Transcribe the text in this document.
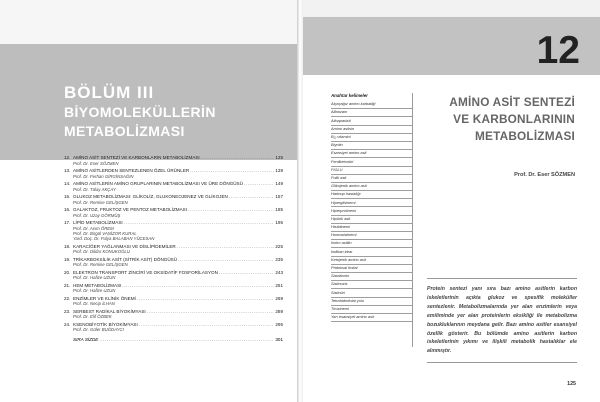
BÖLÜM III
BİYOMOLEKÜLLERİN
METABOLİZMASI
12. AMİNO ASİT SENTEZİ VE KARBONLARIN METABOLİZMASI .....	125
Prof. Dr. Eser SÖZMEN
13. AMİNO ASİTLERDEN SENTEZLENEN ÖZEL ÜRÜNLER .....	139
Prof. Dr. Ferhan GİRGİNSAĞIN
14. AMİNO ASİTLERİN AMİNO GRUPLARININ METABOLİZMASI VE ÜRE DÖNGÜSÜ .....	149
Prof. Dr. Tülay AKÇAY
15. GLUKOZ METABOLİZMASI: GLİKOLİZ, GLUKONEOJENEZ VE GLİKOJEN .....	157
Prof. Dr. Remise GELİŞGEN
16. GALAKTOZ, FRUKTOZ VE PENTOZ METABOLİZMASI .....	185
Prof. Dr. Uzay GÖRMÜŞ
17. LİPİD METABOLİZMASI .....	195
Prof. Dr. Asım ÖREM
Prof. Dr. Birgül VANİZOR KURAL
Yard. Doç. Dr. Fulya BALABAN YÜCESAN
18. KARACİĞER YAĞLANMASI VE DİSLİPİDEMİLER .....	225
Prof. Dr. Dildar KONUKOĞLU
19. TRİKARBOKSİLİK ASİT (SİTRİK ASİT) DÖNGÜSÜ .....	235
Prof. Dr. Remise GELİŞGEN
20. ELEKTRON TRANSPORT ZİNCİRİ VE OKSİDATİF FOSFORİLASYON .....	243
Prof. Dr. Hafize UZUN
21. HEM METABOLİZMASI .....	251
Prof. Dr. Hafize UZUN
22. ENZİMLER VE KLİNİK ÖNEMİ .....	269
Prof. Dr. Necip İLHAN
23. SERBEST RADİKAL BİYOKİMYASI .....	289
Prof. Dr. Elif ÖZBEK
24. KSENOBİYOTİK BİYOKİMYASI .....	295
Prof. Dr. Güler BUĞDAYCI
SIRA SİZDE .....	301
12
Anahtar kelimeler
Alçaçağız amino karbatiği
Alfaozam
Alloapasisti
Amino asitsin
B₁₂ vitamini
Biyotin
Esansiyel amino asit
Fenilketonüri
FIGLU
Folik asit
Glikojenik amino asit
Hartnup hastalığı
Hiperglisinemi
Hiperprolinemi
Hipürik asit
Histidinemi
Homosistinemi
İmino asitlin
İndikan idrar
Ketojenik amino asit
Pridoksal fosfat
Sistationin
Sistinozis
Sistinüri
Tetrahidrofolat yolu
Tirozinemi
Yarı esansiyel amino asit
AMİNO ASİT SENTEZİ
VE KARBONLARININ
METABOLİZMASI
Prof. Dr. Eser SÖZMEN

Protein sentezi yanı sıra bazı amino asitlerin karbon iskeletlerinin açıkta glukoz ve spesifik moleküller sentezlenir. Metabolizmalarında yer alan enzimlerin veya emiliminde yer alan proteinlerin eksikliği ile metabolizma bozukluklarının meydana gelir. Bazı amino asitler esansiyel özellik gösterir. Bu bölümde amino asitlerin karbon iskeletlerinin yıkımı ve ilişkili metabolik hastalıklar ele alınmıştır.

125
